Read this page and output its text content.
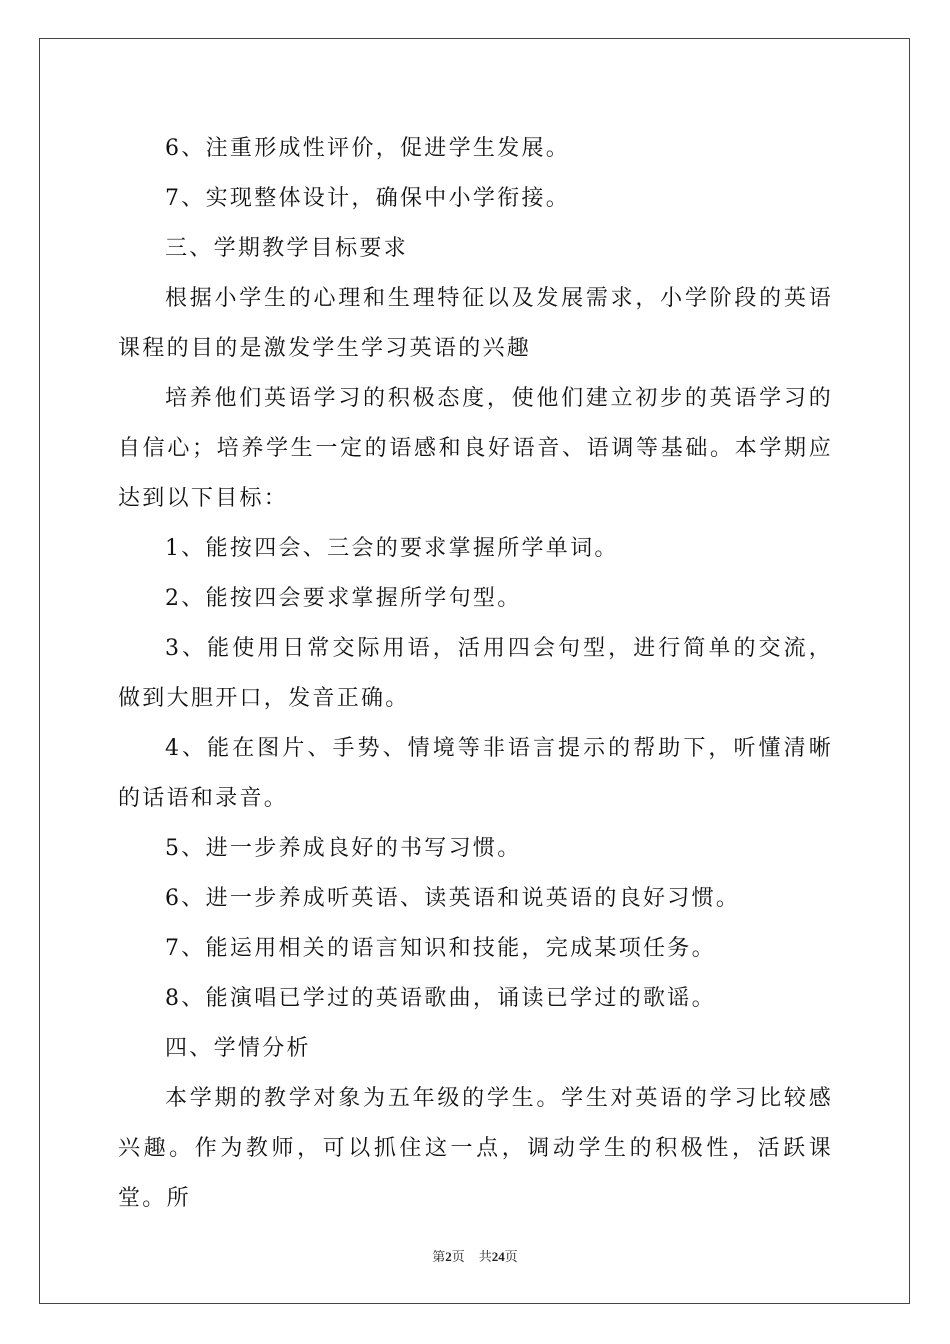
6、注重形成性评价，促进学生发展。

7、实现整体设计，确保中小学衔接。

三、学期教学目标要求

根据小学生的心理和生理特征以及发展需求，小学阶段的英语课程的目的是激发学生学习英语的兴趣

培养他们英语学习的积极态度，使他们建立初步的英语学习的自信心；培养学生一定的语感和良好语音、语调等基础。本学期应达到以下目标：

1、能按四会、三会的要求掌握所学单词。

2、能按四会要求掌握所学句型。

3、能使用日常交际用语，活用四会句型，进行简单的交流，做到大胆开口，发音正确。

4、能在图片、手势、情境等非语言提示的帮助下，听懂清晰的话语和录音。

5、进一步养成良好的书写习惯。

6、进一步养成听英语、读英语和说英语的良好习惯。

7、能运用相关的语言知识和技能，完成某项任务。

8、能演唱已学过的英语歌曲，诵读已学过的歌谣。

四、学情分析

本学期的教学对象为五年级的学生。学生对英语的学习比较感兴趣。作为教师，可以抓住这一点，调动学生的积极性，活跃课堂。所

第2页 共24页
